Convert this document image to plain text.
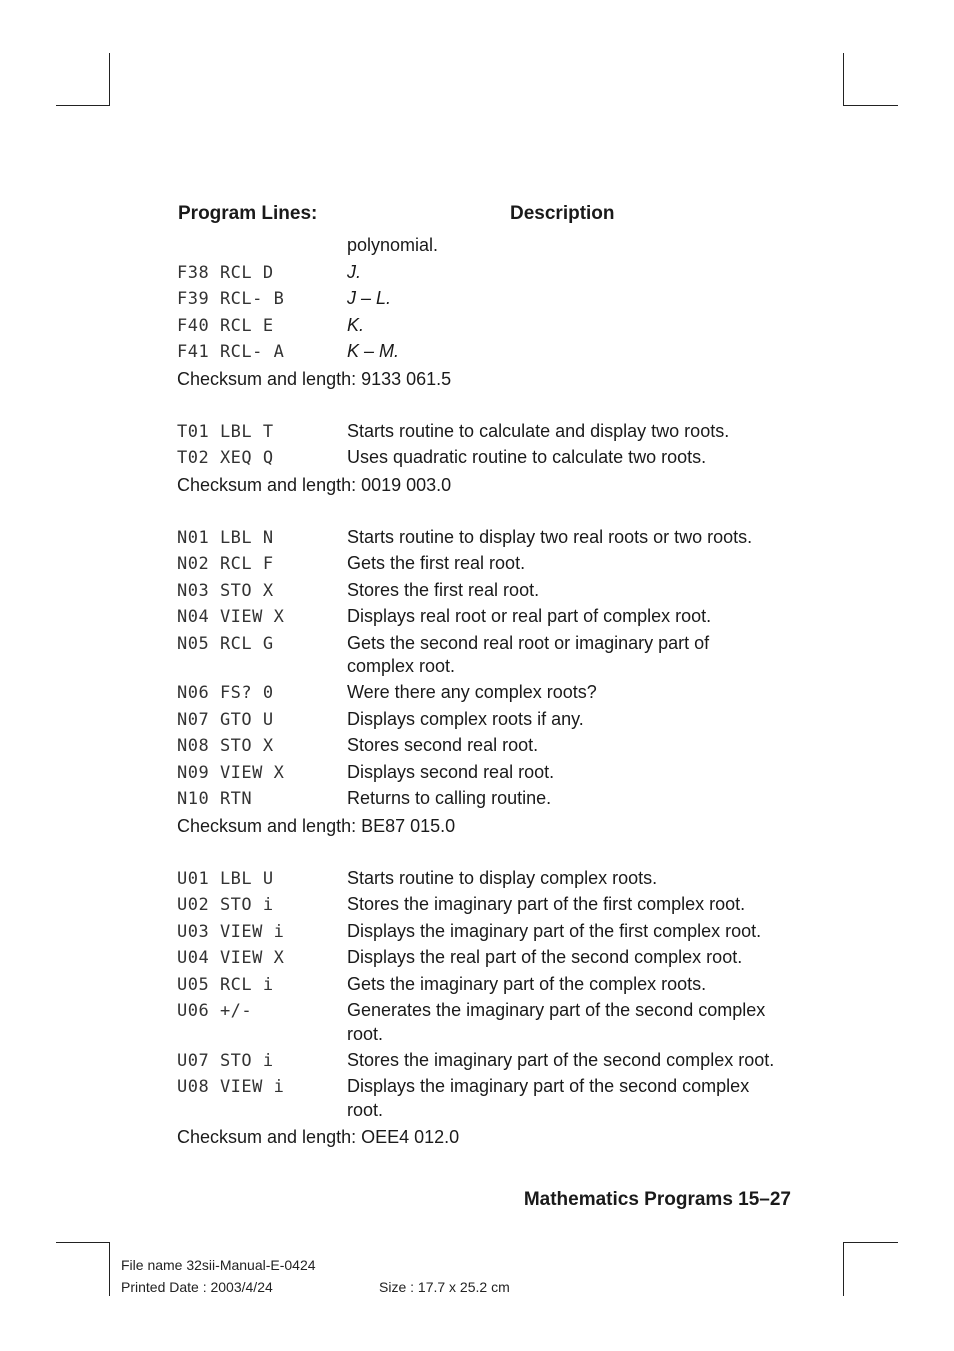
Program Lines:	Description
polynomial.
F38 RCL D	J.
F39 RCL- B	J – L.
F40 RCL E	K.
F41 RCL- A	K – M.
Checksum and length: 9133 061.5
T01 LBL T	Starts routine to calculate and display two roots.
T02 XEQ Q	Uses quadratic routine to calculate two roots.
Checksum and length: 0019 003.0
N01 LBL N	Starts routine to display two real roots or two roots.
N02 RCL F	Gets the first real root.
N03 STO X	Stores the first real root.
N04 VIEW X	Displays real root or real part of complex root.
N05 RCL G	Gets the second real root or imaginary part of
complex root.
N06 FS? 0	Were there any complex roots?
N07 GTO U	Displays complex roots if any.
N08 STO X	Stores second real root.
N09 VIEW X	Displays second real root.
N10 RTN	Returns to calling routine.
Checksum and length: BE87 015.0
U01 LBL U	Starts routine to display complex roots.
U02 STO i	Stores the imaginary part of the first complex root.
U03 VIEW i	Displays the imaginary part of the first complex root.
U04 VIEW X	Displays the real part of the second complex root.
U05 RCL i	Gets the imaginary part of the complex roots.
U06 +/-	Generates the imaginary part of the second complex
root.
U07 STO i	Stores the imaginary part of the second complex root.
U08 VIEW i	Displays the imaginary part of the second complex
root.
Checksum and length: OEE4 012.0
Mathematics Programs 15–27
File name 32sii-Manual-E-0424
Printed Date : 2003/4/24	Size : 17.7 x 25.2 cm
